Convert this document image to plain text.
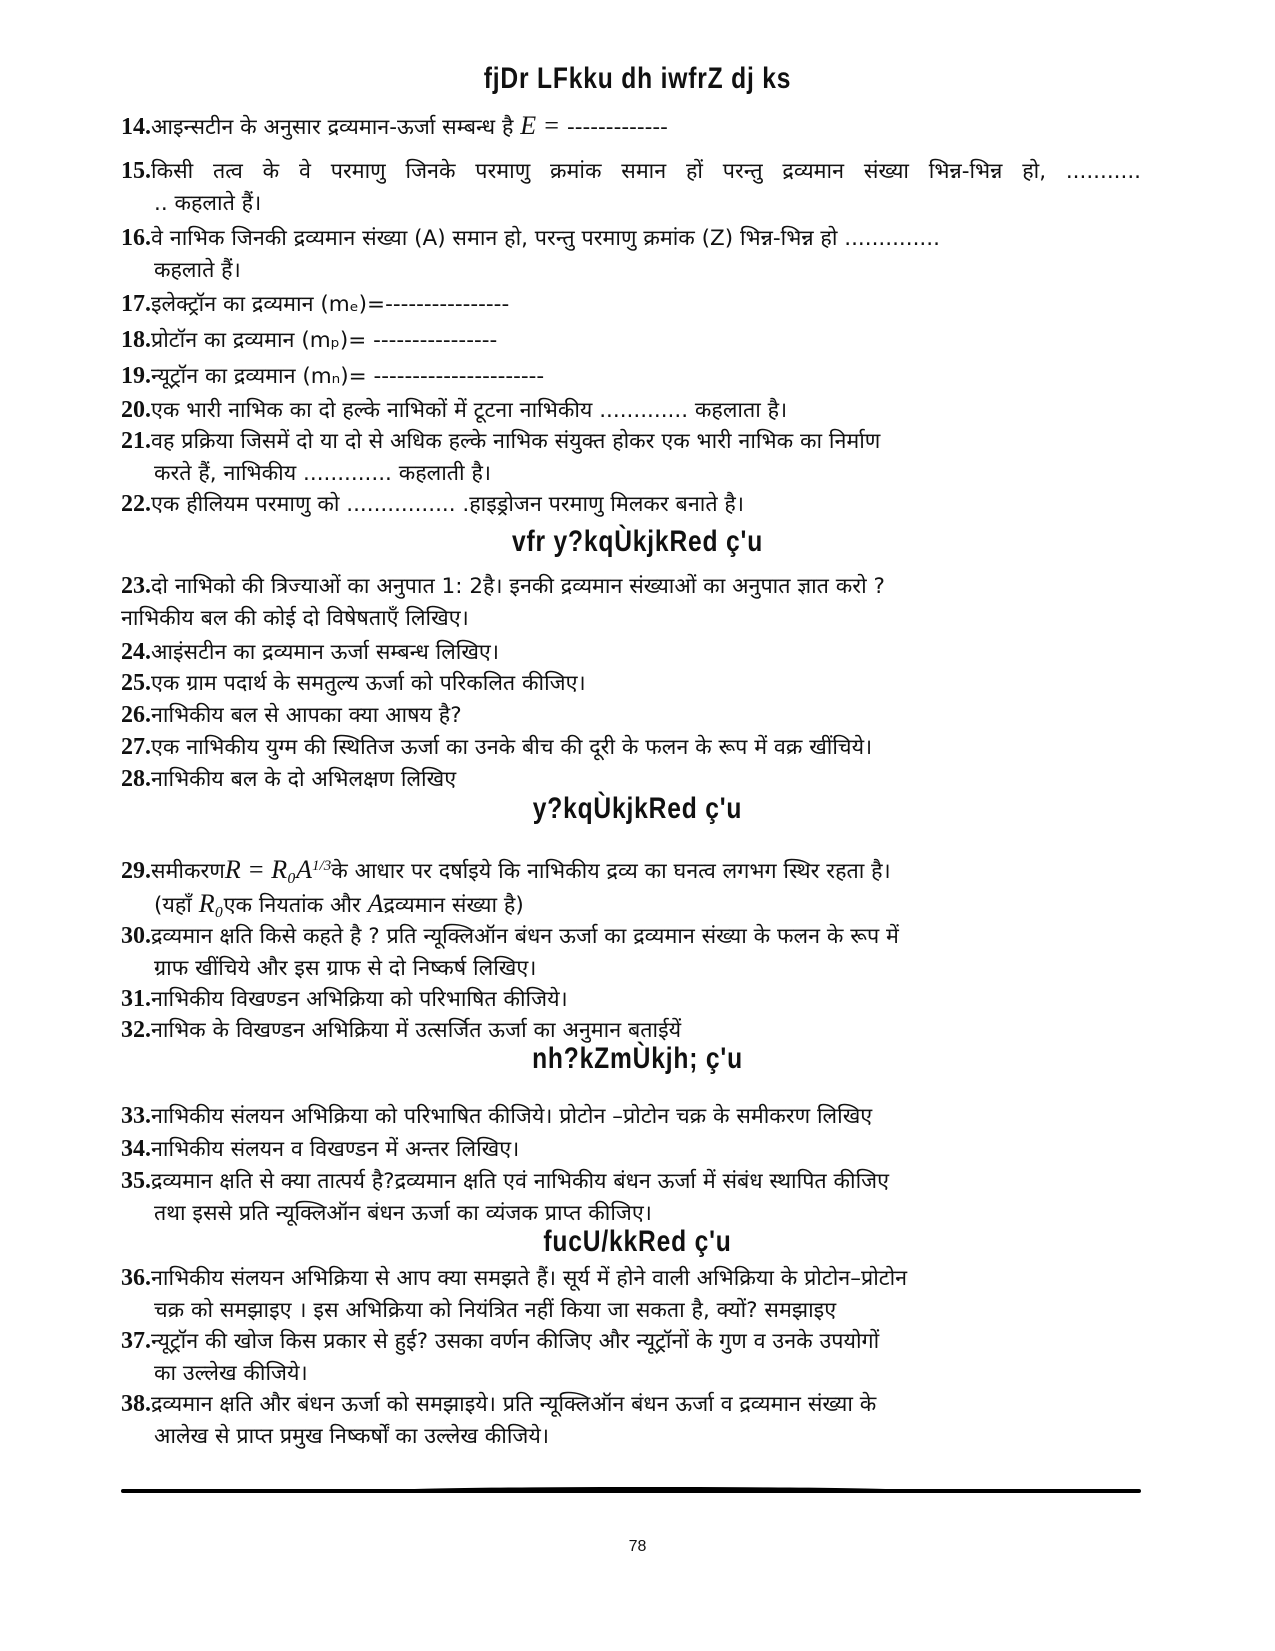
fjDr LFkku dh iwfrZ dj ks
14.आइन्सटीन के अनुसार द्रव्यमान-ऊर्जा सम्बन्ध है E = -------------
15.किसी तत्व के वे परमाणु जिनके परमाणु क्रमांक समान हों परन्तु द्रव्यमान संख्या भिन्न-भिन्न हो, ...........
.. कहलाते हैं।
16.वे नाभिक जिनकी द्रव्यमान संख्या (A) समान हो, परन्तु परमाणु क्रमांक (Z) भिन्न-भिन्न हो ..............
कहलाते हैं।
17.इलेक्ट्रॉन का द्रव्यमान (mₑ)=----------------
18.प्रोटॉन का द्रव्यमान (mₚ)= ----------------
19.न्यूट्रॉन का द्रव्यमान (mₙ)= ----------------------
20.एक भारी नाभिक का दो हल्के नाभिकों में टूटना नाभिकीय ............. कहलाता है।
21.वह प्रक्रिया जिसमें दो या दो से अधिक हल्के नाभिक संयुक्त होकर एक भारी नाभिक का निर्माण
करते हैं, नाभिकीय ............. कहलाती है।
22.एक हीलियम परमाणु को ................ .हाइड्रोजन परमाणु मिलकर बनाते है।
vfr y?kqÙkjkRed ç'u
23.दो नाभिको की त्रिज्याओं का अनुपात 1: 2है। इनकी द्रव्यमान संख्याओं का अनुपात ज्ञात करो ?
नाभिकीय बल की कोई दो विषेषताएँ लिखिए।
24.आइंसटीन का द्रव्यमान ऊर्जा सम्बन्ध लिखिए।
25.एक ग्राम पदार्थ के समतुल्य ऊर्जा को परिकलित कीजिए।
26.नाभिकीय बल से आपका क्या आषय है?
27.एक नाभिकीय युग्म की स्थितिज ऊर्जा का उनके बीच की दूरी के फलन के रूप में वक्र खींचिये।
28.नाभिकीय बल के दो अभिलक्षण लिखिए
y?kqÙkjkRed ç'u
29.समीकरणR = $R_0A^{1/3}के$ आधार पर दर्षाइये कि नाभिकीय द्रव्य का घनत्व लगभग स्थिर रहता है।
(यहाँ R₀एक नियतांक और Aद्रव्यमान संख्या है)
30.द्रव्यमान क्षति किसे कहते है ? प्रति न्यूक्लिऑन बंधन ऊर्जा का द्रव्यमान संख्या के फलन के रूप में
ग्राफ खींचिये और इस ग्राफ से दो निष्कर्ष लिखिए।
31.नाभिकीय विखण्डन अभिक्रिया को परिभाषित कीजिये।
32.नाभिक के विखण्डन अभिक्रिया में उत्सर्जित ऊर्जा का अनुमान बताईयें
nh?kZmÙkjh; ç'u
33.नाभिकीय संलयन अभिक्रिया को परिभाषित कीजिये। प्रोटोन –प्रोटोन चक्र के समीकरण लिखिए
34.नाभिकीय संलयन व विखण्डन में अन्तर लिखिए।
35.द्रव्यमान क्षति से क्या तात्पर्य है?द्रव्यमान क्षति एवं नाभिकीय बंधन ऊर्जा में संबंध स्थापित कीजिए
तथा इससे प्रति न्यूक्लिऑन बंधन ऊर्जा का व्यंजक प्राप्त कीजिए।
fucU/kkRed ç'u
36.नाभिकीय संलयन अभिक्रिया से आप क्या समझते हैं। सूर्य में होने वाली अभिक्रिया के प्रोटोन–प्रोटोन
चक्र को समझाइए । इस अभिक्रिया को नियंत्रित नहीं किया जा सकता है, क्यों? समझाइए
37.न्यूट्रॉन की खोज किस प्रकार से हुई? उसका वर्णन कीजिए और न्यूट्रॉनों के गुण व उनके उपयोगों
का उल्लेख कीजिये।
38.द्रव्यमान क्षति और बंधन ऊर्जा को समझाइये। प्रति न्यूक्लिऑन बंधन ऊर्जा व द्रव्यमान संख्या के
आलेख से प्राप्त प्रमुख निष्कर्षों का उल्लेख कीजिये।
78
